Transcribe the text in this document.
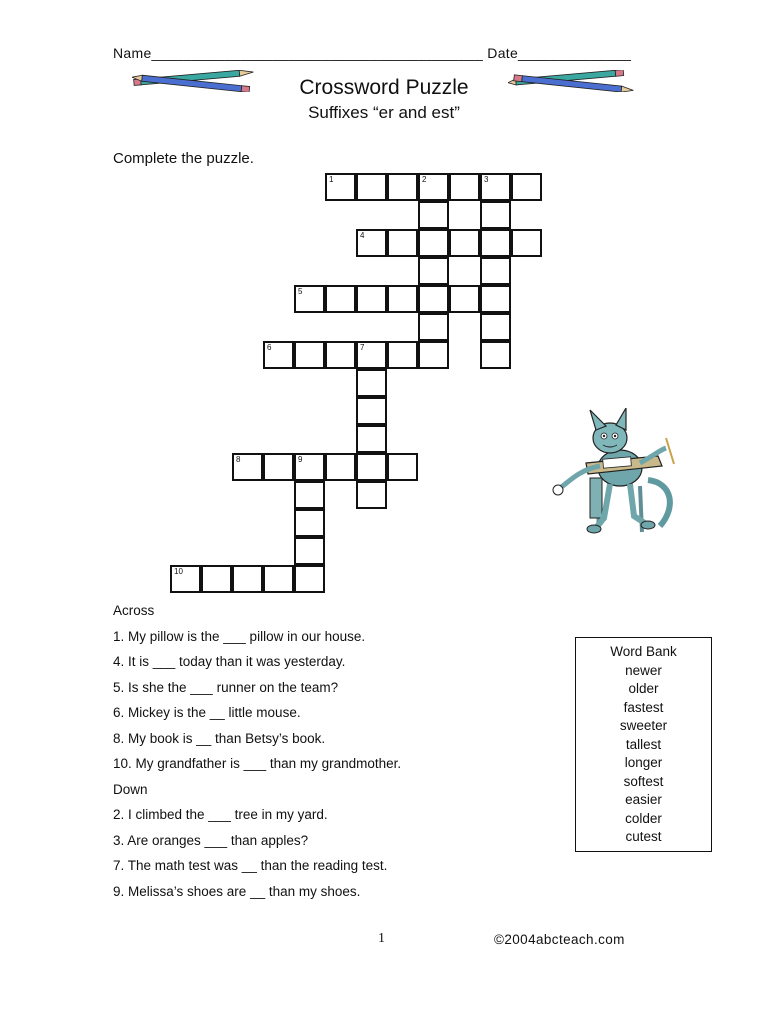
Name_________________________________________ Date______________
Crossword Puzzle
Suffixes “er and est”
Complete the puzzle.
1	2	3
4
5
6	7
8	9
10
Across
1. My pillow is the ___ pillow in our house.
4. It is ___ today than it was yesterday.
5. Is she the ___ runner on the team?
6. Mickey is the __ little mouse.
8. My book is __ than Betsy’s book.
10. My grandfather is ___ than my grandmother.
Down
2. I climbed the ___ tree in my yard.
3. Are oranges ___ than apples?
7. The math test was __ than the reading test.
9. Melissa’s shoes are __ than my shoes.
Word Bank
newer
older
fastest
sweeter
tallest
longer
softest
easier
colder
cutest
1	©2004abcteach.com
